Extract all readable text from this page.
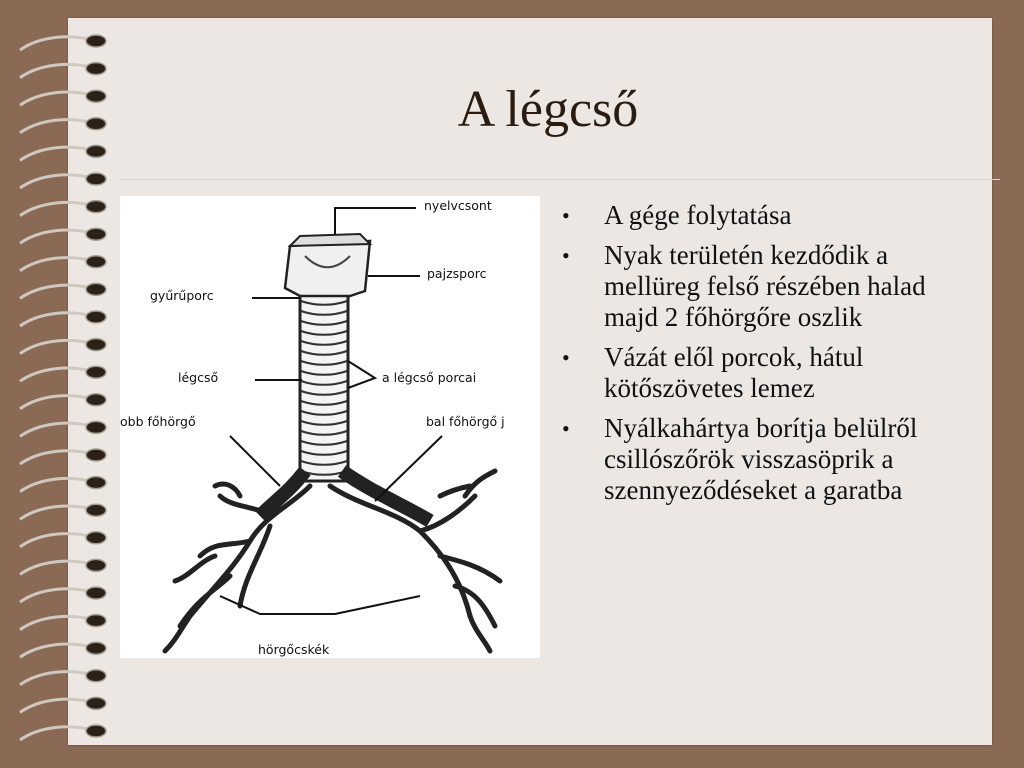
A légcső
nyelvcsont
pajzsporc
gyűrűporc
légcső	a légcső porcai
obb főhörgő	bal főhörgő j
hörgőcskék
• A gége folytatása
• Nyak területén kezdődik a mellüreg felső részében halad majd 2 főhörgőre oszlik
• Vázát elől porcok, hátul kötőszövetes lemez
• Nyálkahártya borítja belülről csillószőrök visszasöprik a szennyeződéseket a garatba
